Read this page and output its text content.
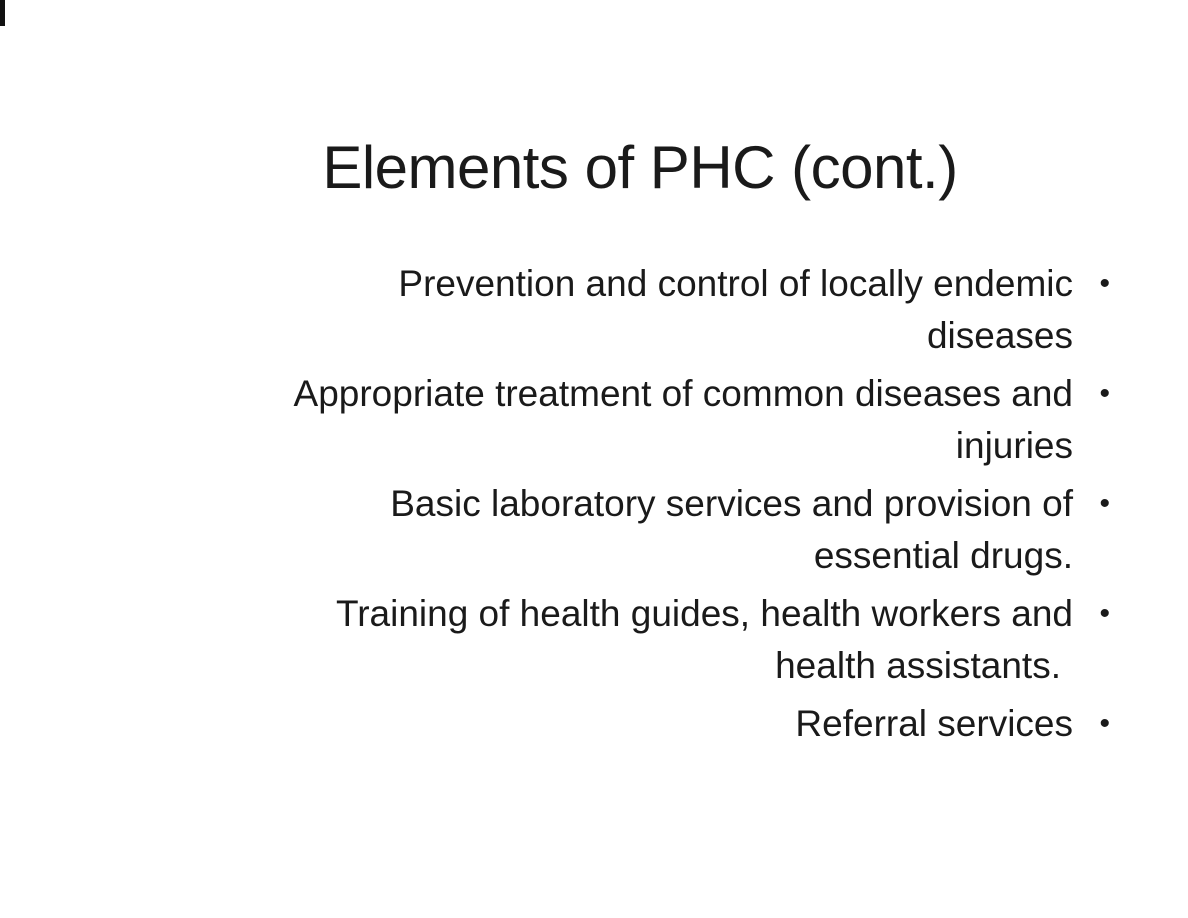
Elements of PHC (cont.)
•
Prevention and control of locally endemic
diseases
•
Appropriate treatment of common diseases and
injuries
•
Basic laboratory services and provision of
essential drugs.
•
Training of health guides, health workers and
health assistants.
•
Referral services
